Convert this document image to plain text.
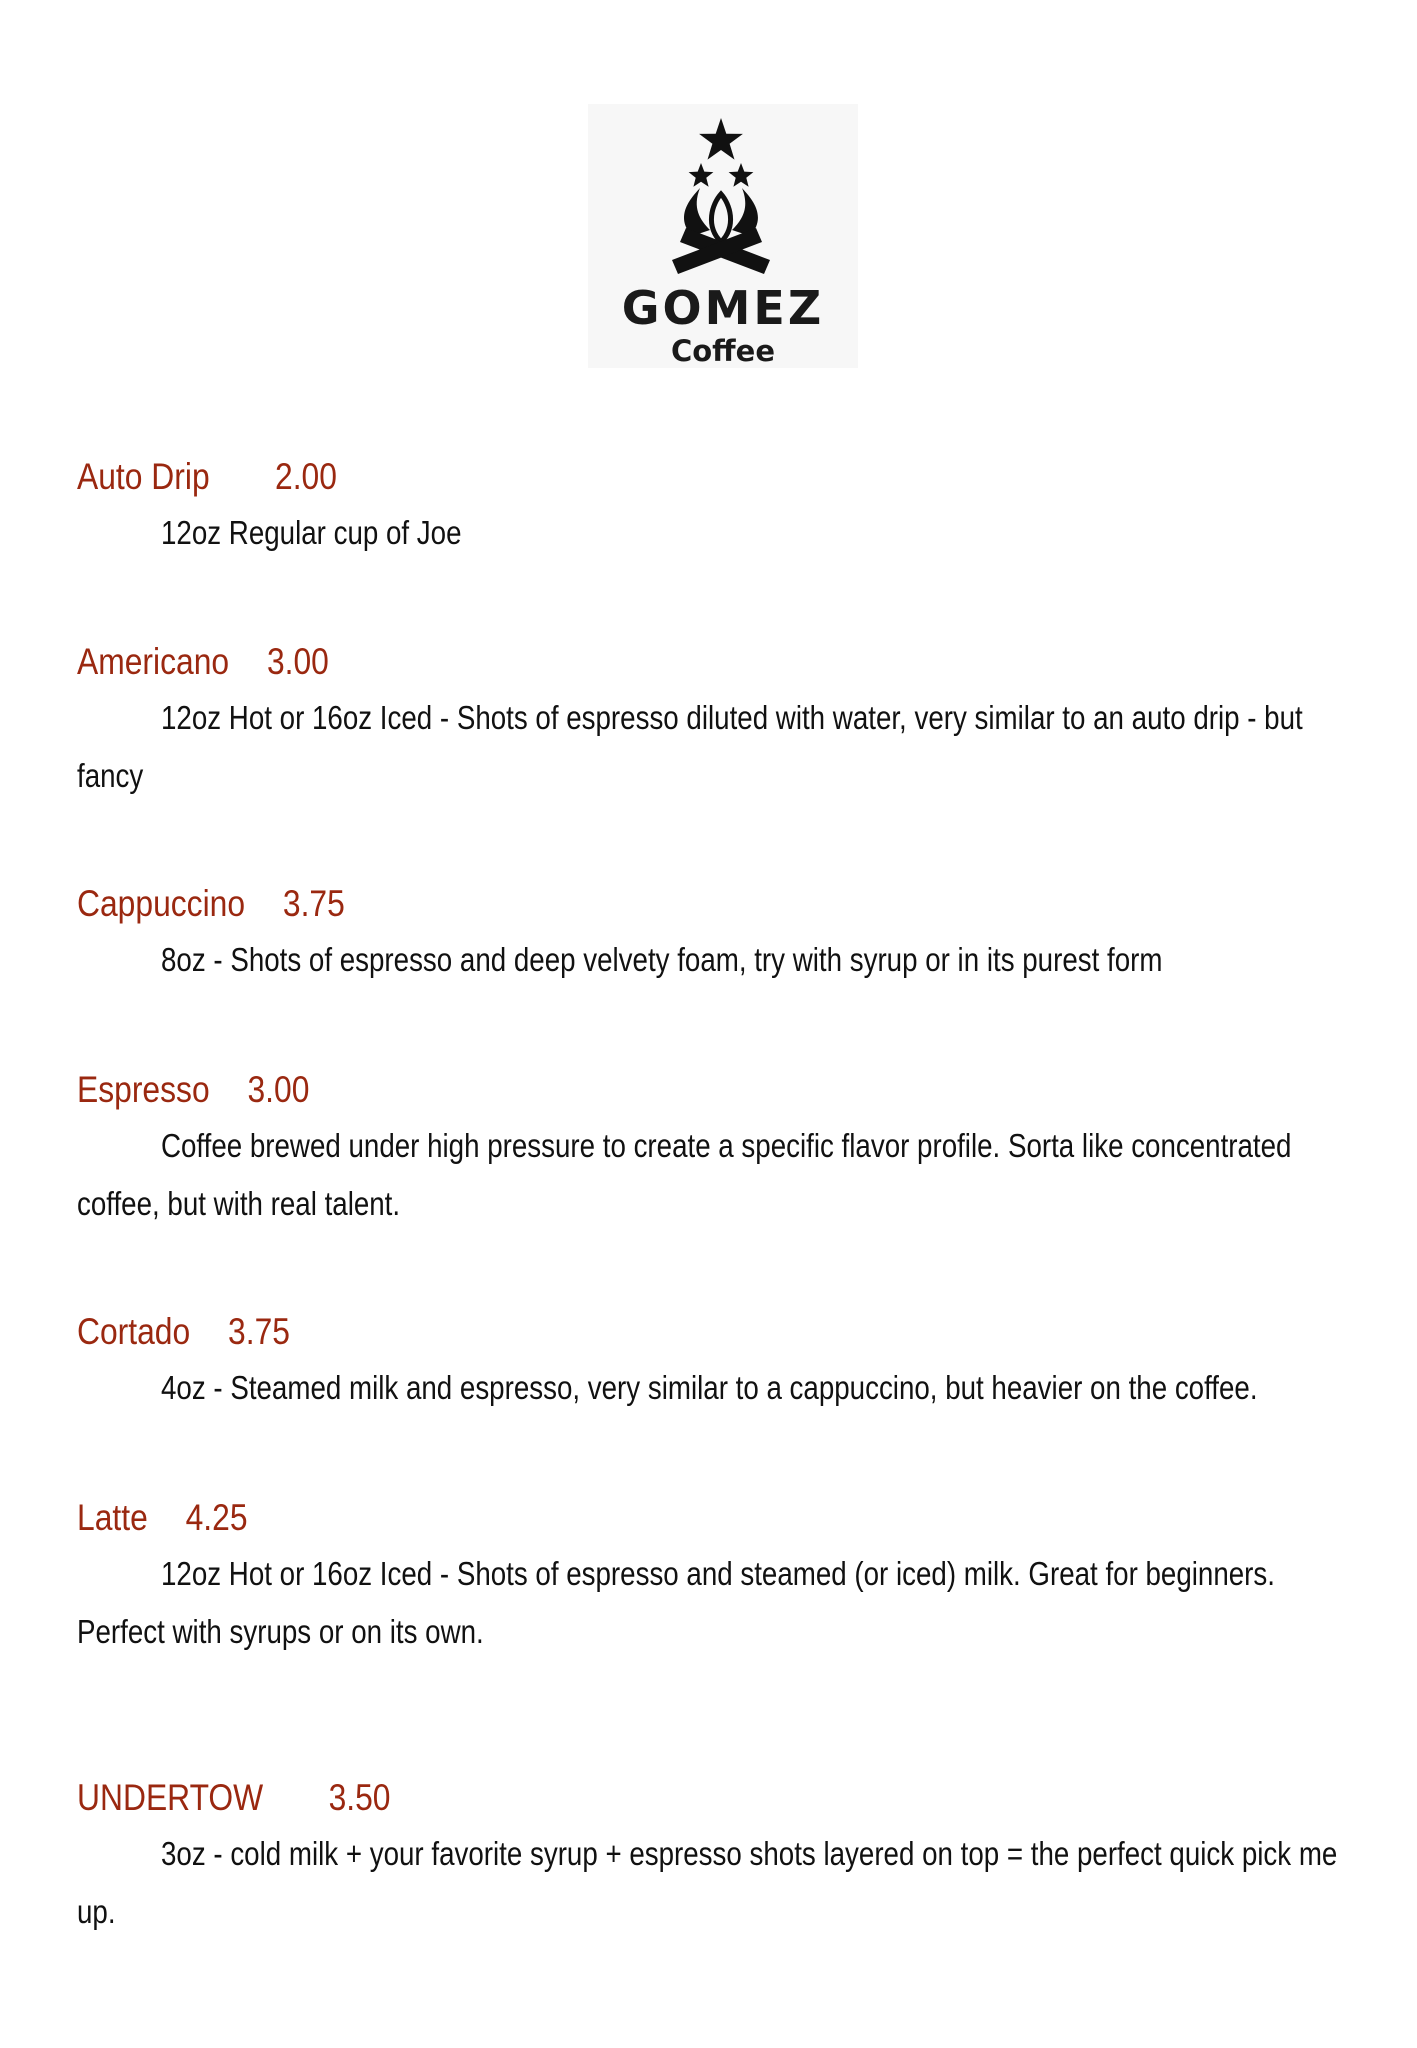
GOMEZ
Coffee
Auto Drip 2.00
12oz Regular cup of Joe
Americano 3.00
12oz Hot or 16oz Iced - Shots of espresso diluted with water, very similar to an auto drip - but fancy
Cappuccino 3.75
8oz - Shots of espresso and deep velvety foam, try with syrup or in its purest form
Espresso 3.00
Coffee brewed under high pressure to create a specific flavor profile. Sorta like concentrated coffee, but with real talent.
Cortado 3.75
4oz - Steamed milk and espresso, very similar to a cappuccino, but heavier on the coffee.
Latte 4.25
12oz Hot or 16oz Iced - Shots of espresso and steamed (or iced) milk. Great for beginners. Perfect with syrups or on its own.
UNDERTOW 3.50
3oz - cold milk + your favorite syrup + espresso shots layered on top = the perfect quick pick me up.
